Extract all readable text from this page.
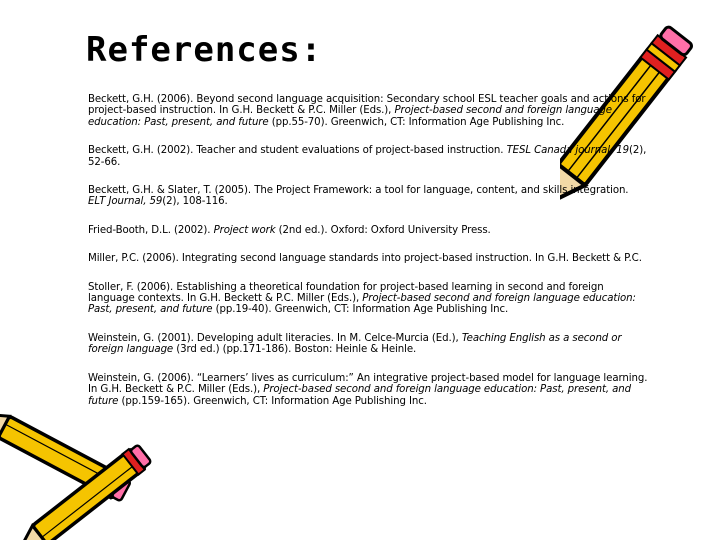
References:

Beckett, G.H. (2006). Beyond second language acquisition: Secondary school ESL teacher goals and actions for project‐based instruction. In G.H. Beckett & P.C. Miller (Eds.), Project‐based second and foreign language education: Past, present, and future (pp.55‐70). Greenwich, CT: Information Age Publishing Inc.

Beckett, G.H. (2002). Teacher and student evaluations of project‐based instruction. TESL Canada journal, 19(2), 52‐66.

Beckett, G.H. & Slater, T. (2005). The Project Framework: a tool for language, content, and skills integration. ELT Journal, 59(2), 108‐116.

Fried‐Booth, D.L. (2002). Project work (2nd ed.). Oxford: Oxford University Press.

Miller, P.C. (2006). Integrating second language standards into project‐based instruction. In G.H. Beckett & P.C.

Stoller, F. (2006). Establishing a theoretical foundation for project‐based learning in second and foreign language contexts. In G.H. Beckett & P.C. Miller (Eds.), Project‐based second and foreign language education: Past, present, and future (pp.19‐40). Greenwich, CT: Information Age Publishing Inc.

Weinstein, G. (2001). Developing adult literacies. In M. Celce‐Murcia (Ed.), Teaching English as a second or foreign language (3rd ed.) (pp.171‐186). Boston: Heinle & Heinle.

Weinstein, G. (2006). “Learners’ lives as curriculum:” An integrative project‐based model for language learning. In G.H. Beckett & P.C. Miller (Eds.), Project‐based second and foreign language education: Past, present, and future (pp.159‐165). Greenwich, CT: Information Age Publishing Inc.
